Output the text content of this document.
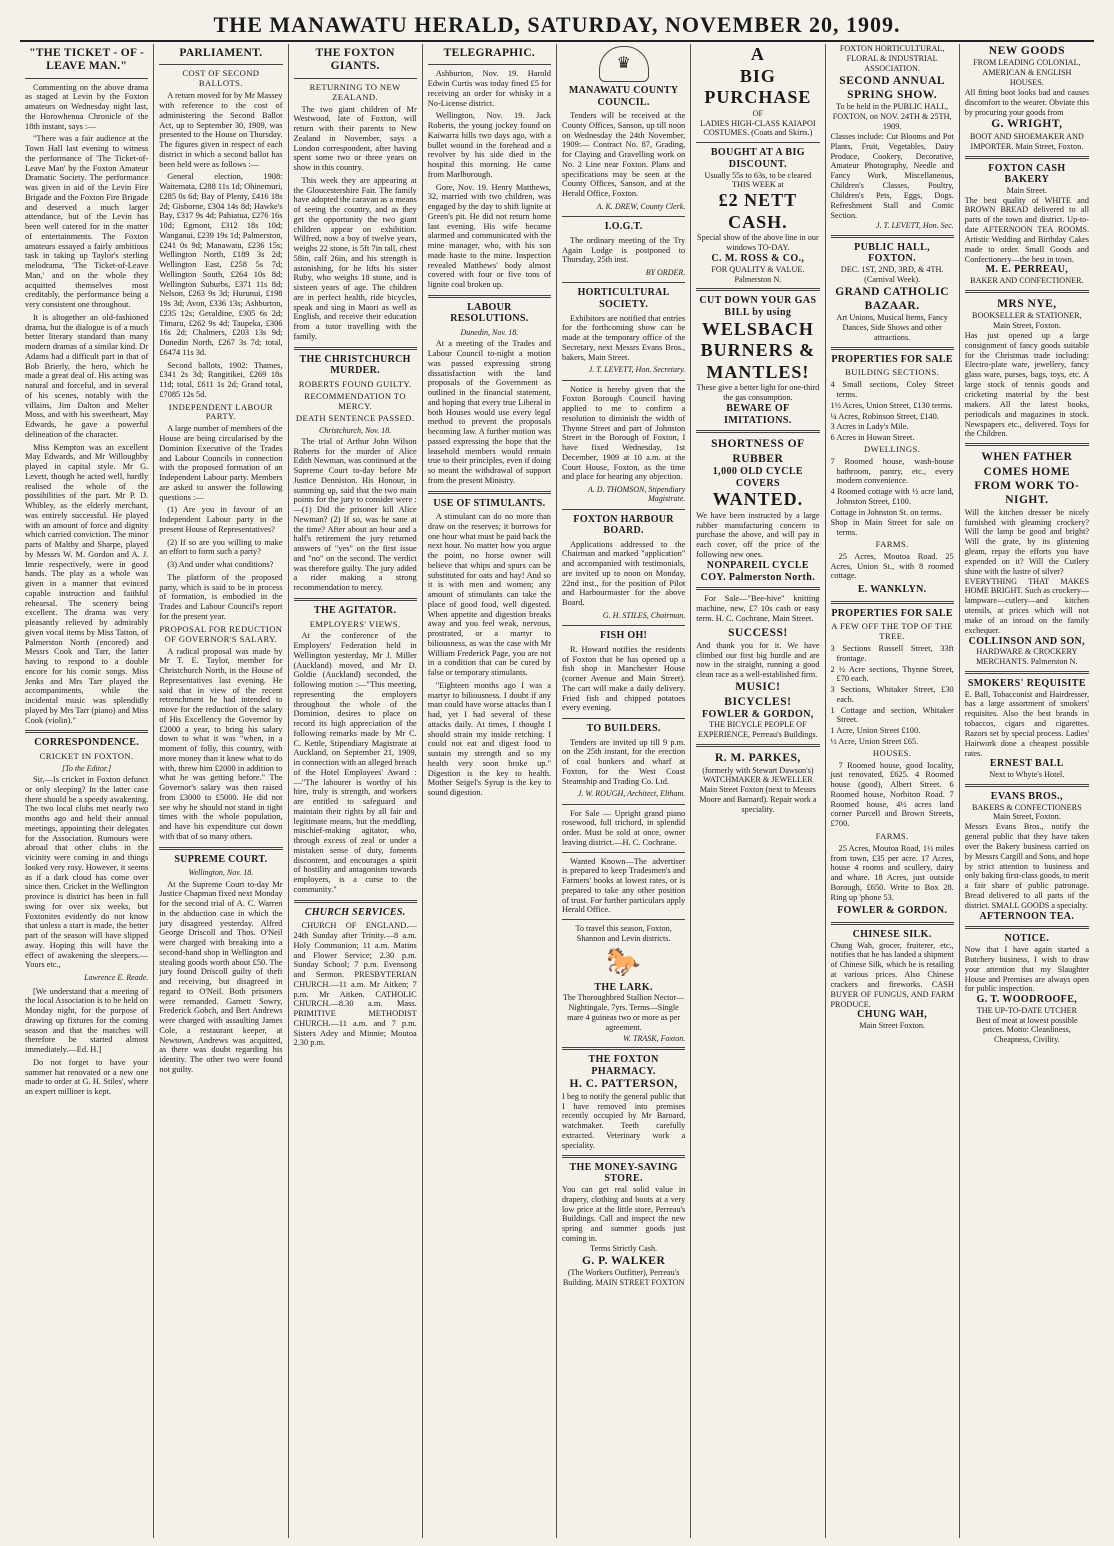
THE MANAWATU HERALD, SATURDAY, NOVEMBER 20, 1909.
"THE TICKET - OF - LEAVE MAN."

Commenting on the above drama as staged at Levin by the Foxton amateurs on Wednesday night last, the Horowhenua Chronicle of the 18th instant, says :—

"There was a fair audience at the Town Hall last evening to witness the performance of 'The Ticket-of-Leave Man' by the Foxton Amateur Dramatic Society. The performance was given in aid of the Levin Fire Brigade and the Foxton Fire Brigade and deserved a much larger attendance, but of the Levin has been well catered for in the matter of entertainments. The Foxton amateurs essayed a fairly ambitious task in taking up Taylor's sterling melodrama, 'The Ticket-of-Leave Man,' and on the whole they acquitted themselves most creditably, the performance being a very consistent one throughout.

It is altogether an old-fashioned drama, but the dialogue is of a much better literary standard than many modern dramas of a similar kind. Dr Adams had a difficult part in that of Bob Brierly, the hero, which he made a great deal of. His acting was natural and forceful, and in several of his scenes, notably with the villains, Jim Dalton and Melter Moss, and with his sweetheart, May Edwards, he gave a powerful delineation of the character.

Miss Kempton was an excellent May Edwards, and Mr Willoughby played in capital style. Mr G. Levett, though he acted well, hardly realised the whole of the possibilities of the part. Mr P. D. Whibley, as the elderly merchant, was entirely successful. He played with an amount of force and dignity which carried conviction. The minor parts of Maltby and Sharpe, played by Messrs W. M. Gordon and A. J. Imrie respectively, were in good hands. The play as a whole was given in a manner that evinced capable instruction and faithful rehearsal. The scenery being excellent. The drama was very pleasantly relieved by admirably given vocal items by Miss Tatton, of Palmerston North (encored) and Messrs Cook and Tarr, the latter having to respond to a double encore for his comic songs. Miss Jenks and Mrs Tarr played the accompaniments, while the incidental music was splendidly played by Mrs Tarr (piano) and Miss Cook (violin)."

CORRESPONDENCE.
CRICKET IN FOXTON.
[To the Editor.]

Sir,—Is cricket in Foxton defunct or only sleeping? In the latter case there should be a speedy awakening. The two local clubs met nearly two months ago and held their annual meetings, appointing their delegates for the Association. Rumours were abroad that other clubs in the vicinity were coming in and things looked very rosy. However, it seems as if a dark cloud has come over since then. Cricket in the Wellington province is district has been in full swing for over six weeks, but Foxtonites evidently do not know that unless a start is made, the better part of the season will have slipped away. Hoping this will have the effect of awakening the sleepers.—Yours etc.,

Lawrence E. Reade.

[We understand that a meeting of the local Association is to be held on Monday night, for the purpose of drawing up fixtures for the coming season and that the matches will therefore be started almost immediately.—Ed. H.]

Do not forget to have your summer hat renovated or a new one made to order at G. H. Stiles', where an expert milliner is kept.

PARLIAMENT.
COST OF SECOND BALLOTS.

A return moved for by Mr Massey with reference to the cost of administering the Second Ballot Act, up to September 30, 1909, was presented to the House on Thursday. The figures given in respect of each district in which a second ballot has been held were as follows :—

General election, 1908: Waitemata, £288 11s 1d; Ohinemuri, £285 0s 6d; Bay of Plenty, £416 18s 2d; Gisborne, £304 14s 8d; Hawke's Bay, £317 9s 4d; Pahiatua, £276 16s 10d; Egmont, £312 18s 10d; Wanganui, £239 19s 1d; Palmerston, £241 0s 9d; Manawatu, £236 15s; Wellington North, £189 3s 2d; Wellington East, £258 5s 7d; Wellington South, £264 10s 8d; Wellington Suburbs, £371 11s 8d; Nelson, £263 9s 3d; Hurunui, £198 19s 3d; Avon, £336 13s; Ashburton, £235 12s; Geraldine, £305 6s 2d; Timaru, £262 9s 4d; Taupeka, £306 16s 2d; Chalmers, £203 13s 9d; Dunedin North, £267 3s 7d; total, £6474 11s 3d.

Second ballots, 1902: Thames, £341 2s 3d; Rangitikei, £269 18s 11d; total, £611 1s 2d; Grand total, £7085 12s 5d.

INDEPENDENT LABOUR PARTY.

A large number of members of the House are being circularised by the Dominion Executive of the Trades and Labour Councils in connection with the proposed formation of an Independent Labour party. Members are asked to answer the following questions :—

(1) Are you in favour of an Independent Labour party in the present House of Representatives?

(2) If so are you willing to make an effort to form such a party?

(3) And under what conditions?

The platform of the proposed party, which is said to be in process of formation, is embodied in the Trades and Labour Council's report for the present year.

PROPOSAL FOR REDUCTION OF GOVERNOR'S SALARY.

A radical proposal was made by Mr T. E. Taylor, member for Christchurch North, in the House of Representatives last evening. He said that in view of the recent retrenchment he had intended to move for the reduction of the salary of His Excellency the Governor by £2000 a year, to bring his salary down to what it was "when, in a moment of folly, this country, with more money than it knew what to do with, threw him £2000 in addition to what he was getting before." The Governor's salary was then raised from £3000 to £5000. He did not see why he should not stand in tight times with the whole population, and have his expenditure cut down with that of so many others.

SUPREME COURT.
Wellington, Nov. 18.

At the Supreme Court to-day Mr Justice Chapman fixed next Monday for the second trial of A. C. Warren in the abduction case in which the jury disagreed yesterday. Alfred George Driscoll and Thos. O'Neil were charged with breaking into a second-hand shop in Wellington and stealing goods worth about £50. The jury found Driscoll guilty of theft and receiving, but disagreed in regard to O'Neil. Both prisoners were remanded. Garnett Sowry, Frederick Gobch, and Bert Andrews were charged with assaulting James Cole, a restaurant keeper, at Newtown, Andrews was acquitted, as there was doubt regarding his identity. The other two were found not guilty.

THE FOXTON GIANTS.
RETURNING TO NEW ZEALAND.

The two giant children of Mr Westwood, late of Foxton, will return with their parents to New Zealand in November, says a London correspondent, after having spent some two or three years on show in this country.

This week they are appearing at the Gloucestershire Fair. The family have adopted the caravan as a means of seeing the country, and as they get the opportunity the two giant children appear on exhibition. Wilfred, now a boy of twelve years, weighs 22 stone, is 5ft 7in tall, chest 58in, calf 26in, and his strength is astonishing, for he lifts his sister Ruby, who weighs 18 stone, and is sixteen years of age. The children are in perfect health, ride bicycles, speak and sing in Maori as well as English, and receive their education from a tutor travelling with the family.

THE CHRISTCHURCH MURDER.
ROBERTS FOUND GUILTY.
RECOMMENDATION TO MERCY.
DEATH SENTENCE PASSED.
Christchurch, Nov. 18.

The trial of Arthur John Wilson Roberts for the murder of Alice Edith Newman, was continued at the Supreme Court to-day before Mr Justice Denniston. His Honour, in summing up, said that the two main points for the jury to consider were :—(1) Did the prisoner kill Alice Newman? (2) If so, was he sane at the time? After about an hour and a half's retirement the jury returned answers of "yes" on the first issue and "no" on the second. The verdict was therefore guilty. The jury added a rider making a strong recommendation to mercy.

THE AGITATOR.
EMPLOYERS' VIEWS.

At the conference of the Employers' Federation held in Wellington yesterday, Mr J. Miller (Auckland) moved, and Mr D. Goldie (Auckland) seconded, the following motion :—"This meeting, representing the employers throughout the whole of the Dominion, desires to place on record its high appreciation of the following remarks made by Mr C. C. Kettle, Stipendiary Magistrate at Auckland, on September 21, 1909, in connection with an alleged breach of the Hotel Employees' Award :—"The labourer is worthy of his hire, truly is strength, and workers are entitled to safeguard and maintain their rights by all fair and legitimate means, but the meddling, mischief-making agitator, who, through excess of zeal or under a mistaken sense of duty, foments discontent, and encourages a spirit of hostility and antagonism towards employers, is a curse to the community."

CHURCH SERVICES.

CHURCH OF ENGLAND.—24th Sunday after Trinity.—8 a.m. Holy Communion; 11 a.m. Matins and Flower Service; 2.30 p.m. Sunday School; 7 p.m. Evensong and Sermon. PRESBYTERIAN CHURCH.—11 a.m. Mr Aitken; 7 p.m. Mr Aitken. CATHOLIC CHURCH.—8.30 a.m. Mass. PRIMITIVE METHODIST CHURCH.—11 a.m. and 7 p.m. Sisters Adey and Minnie; Moutoa 2.30 p.m.

TELEGRAPHIC.

Ashburton, Nov. 19. Harold Edwin Curtis was today fined £5 for receiving an order for whisky in a No-License district.

Wellington, Nov. 19. Jack Roberts, the young jockey found on Kaiwarra hills two days ago, with a bullet wound in the forehead and a revolver by his side died in the hospital this morning. He came from Marlborough.

Gore, Nov. 19. Henry Matthews, 32, married with two children, was engaged by the day to shift lignite at Green's pit. He did not return home last evening. His wife became alarmed and communicated with the mine manager, who, with his son made haste to the mine. Inspection revealed Matthews' body almost covered with four or five tons of lignite coal broken up.

LABOUR RESOLUTIONS.
Dunedin, Nov. 18.

At a meeting of the Trades and Labour Council to-night a motion was passed expressing strong dissatisfaction with the land proposals of the Government as outlined in the financial statement, and hoping that every true Liberal in both Houses would use every legal method to prevent the proposals becoming law. A further motion was passed expressing the hope that the leasehold members would remain true to their principles, even if doing so meant the withdrawal of support from the present Ministry.

USE OF STIMULANTS.

A stimulant can do no more than draw on the reserves; it borrows for one hour what must be paid back the next hour. No matter how you argue the point, no horse owner will believe that whips and spurs can be substituted for oats and hay! And so it is with men and women; any amount of stimulants can take the place of good food, well digested. When appetite and digestion breaks away and you feel weak, nervous, prostrated, or a martyr to biliousness, as was the case with Mr William Frederick Page, you are not in a condition that can be cured by false or temporary stimulants.

"Eighteen months ago I was a martyr to biliousness. I doubt if any man could have worse attacks than I had, yet I had several of these attacks daily. At times, I thought I should strain my inside retching. I could not eat and digest food to sustain my strength and so my health very soon broke up." Digestion is the key to health. Mother Seigel's Syrup is the key to sound digestion.

♛
MANAWATU COUNTY COUNCIL.

Tenders will be received at the County Offices, Sanson, up till noon on Wednesday the 24th November, 1909:— Contract No. 87, Grading, for Claying and Gravelling work on No. 2 Line near Foxton. Plans and specifications may be seen at the County Offices, Sanson, and at the Herald Office, Foxton.

A. K. DREW, County Clerk.
I.O.G.T.

The ordinary meeting of the Try Again Lodge is postponed to Thursday, 25th inst.

BY ORDER.
HORTICULTURAL SOCIETY.

Exhibitors are notified that entries for the forthcoming show can be made at the temporary office of the Secretary, next Messrs Evans Bros., bakers, Main Street.

J. T. LEVETT, Hon. Secretary.

Notice is hereby given that the Foxton Borough Council having applied to me to confirm a resolution to diminish the width of Thynne Street and part of Johnston Street in the Borough of Foxton, I have fixed Wednesday, 1st December, 1909 at 10 a.m. at the Court House, Foxton, as the time and place for hearing any objection.

A. D. THOMSON, Stipendiary Magistrate.
FOXTON HARBOUR BOARD.

Applications addressed to the Chairman and marked "application" and accompanied with testimonials, are invited up to noon on Monday, 22nd inst., for the position of Pilot and Harbourmaster for the above Board.

G. H. STILES, Chairman.
FISH OH!

R. Howard notifies the residents of Foxton that he has opened up a fish shop in Manchester House (corner Avenue and Main Street). The cart will make a daily delivery. Fried fish and chipped potatoes every evening.

TO BUILDERS.

Tenders are invited up till 9 p.m. on the 25th instant, for the erection of coal bunkers and wharf at Foxton, for the West Coast Steamship and Trading Co. Ltd.

J. W. ROUGH, Architect, Eltham.

For Sale — Upright grand piano rosewood, full trichord, in splendid order. Must be sold at once, owner leaving district.—H. C. Cochrane.

Wanted Known—The advertiser is prepared to keep Tradesmen's and Farmers' books at lowest rates, or is prepared to take any other position of trust. For further particulars apply Herald Office.

To travel this season, Foxton, Shannon and Levin districts.
🐎
THE LARK.
The Thoroughbred Stallion Nector—Nightingale, 7yrs. Terms—Single mare 4 guineas two or more as per agreement.
W. TRASK, Foxton.
THE FOXTON PHARMACY.
H. C. PATTERSON,
I beg to notify the general public that I have removed into premises recently occupied by Mr Barnard, watchmaker. Teeth carefully extracted. Veterinary work a speciality.
THE MONEY-SAVING STORE.
You can get real solid value in drapery, clothing and boots at a very low price at the little store, Perreau's Buildings. Call and inspect the new spring and summer goods just coming in.
Terms Strictly Cash.
G. P. WALKER
(The Workers Outfitter), Perreau's Building. MAIN STREET FOXTON
A
BIG
PURCHASE
OF
LADIES HIGH-CLASS KAIAPOI COSTUMES. (Coats and Skirts.)
BOUGHT AT A BIG DISCOUNT.
Usually 55s to 63s, to be cleared THIS WEEK at
£2 NETT CASH.
Special show of the above line in our windows TO-DAY.
C. M. ROSS & CO.,
FOR QUALITY & VALUE. Palmerston N.
CUT DOWN YOUR GAS BILL by using
WELSBACH BURNERS & MANTLES!
These give a better light for one-third the gas consumption.
BEWARE OF IMITATIONS.
SHORTNESS OF RUBBER
1,000 OLD CYCLE COVERS
WANTED.
We have been instructed by a large rubber manufacturing concern to purchase the above, and will pay in each cover, off the price of the following new ones.
NONPAREIL CYCLE COY. Palmerston North.

For Sale—"Bee-hive" knitting machine, new, £7 10s cash or easy term. H. C. Cochrane, Main Street.

SUCCESS!
And thank you for it. We have climbed our first big hurdle and are now in the straight, running a good clean race as a well-established firm.
MUSIC!
BICYCLES!
FOWLER & GORDON,
THE BICYCLE PEOPLE OF EXPERIENCE, Perreau's Buildings.
R. M. PARKES,
(formerly with Stewart Dawson's) WATCHMAKER & JEWELLER Main Street Foxton (next to Messrs Moore and Barnard). Repair work a speciality.
FOXTON HORTICULTURAL, FLORAL & INDUSTRIAL ASSOCIATION.
SECOND ANNUAL SPRING SHOW.
To be held in the PUBLIC HALL, FOXTON, on NOV. 24TH & 25TH, 1909.
Classes include: Cut Blooms and Pot Plants, Fruit, Vegetables, Dairy Produce, Cookery, Decorative, Amateur Photography, Needle and Fancy Work, Miscellaneous, Children's Classes, Poultry, Children's Pets, Eggs, Dogs. Refreshment Stall and Comic Section.
J. T. LEVETT, Hon. Sec.
PUBLIC HALL, FOXTON.
DEC. 1ST, 2ND, 3RD, & 4TH. (Carnival Week).
GRAND CATHOLIC BAZAAR.
Art Unions, Musical Items, Fancy Dances, Side Shows and other attractions.
PROPERTIES FOR SALE
BUILDING SECTIONS.
4 Small sections, Coley Street terms.
1½ Acres, Union Street, £130 terms.
¼ Acres, Robinson Street, £140.
3 Acres in Lady's Mile.
6 Acres in Howan Street.
DWELLINGS.
7 Roomed house, wash-house bathroom, pantry, etc., every modern convenience.
4 Roomed cottage with ½ acre land, Johnston Street, £100.
Cottage in Johnston St. on terms.
Shop in Main Street for sale on terms.
FARMS.

25 Acres, Moutoa Road. 25 Acres, Union St., with 8 roomed cottage.

E. WANKLYN.
PROPERTIES FOR SALE
A FEW OFF THE TOP OF THE TREE.
3 Sections Russell Street, 33ft frontage.
2 ½ Acre sections, Thynne Street, £70 each.
3 Sections, Whitaker Street, £30 each.
1 Cottage and section, Whitaker Street.
1 Acre, Union Street £100.
½ Acre, Union Street £65.
HOUSES.

7 Roomed house, good locality, just renovated, £625. 4 Roomed house (good), Albert Street. 6 Roomed house, Norbiton Road. 7 Roomed house, 4½ acres land corner Purcell and Brown Streets, £700.

FARMS.

25 Acres, Moutoa Road, 1½ miles from town, £35 per acre. 17 Acres, house 4 rooms and scullery, dairy and whare. 18 Acres, just outside Borough, £650. Write to Box 28. Ring up 'phone 53.

FOWLER & GORDON.
CHINESE SILK.
Chung Wah, grocer, fruiterer, etc., notifies that he has landed a shipment of Chinese Silk, which he is retailing at various prices. Also Chinese crackers and fireworks. CASH BUYER OF FUNGUS, AND FARM PRODUCE.
CHUNG WAH,
Main Street Foxton.
NEW GOODS
FROM LEADING COLONIAL, AMERICAN & ENGLISH HOUSES.
All fitting boot looks bad and causes discomfort to the wearer. Obviate this by procuring your goods from
G. WRIGHT,
BOOT AND SHOEMAKER AND IMPORTER. Main Street, Foxton.
FOXTON CASH BAKERY
Main Street.
The best quality of WHITE and BROWN BREAD delivered to all parts of the town and district. Up-to-date AFTERNOON TEA ROOMS. Artistic Wedding and Birthday Cakes made to order. Small Goods and Confectionery—the best in town.
M. E. PERREAU,
BAKER AND CONFECTIONER.
MRS NYE,
BOOKSELLER & STATIONER, Main Street, Foxton.
Has just opened up a large consignment of fancy goods suitable for the Christmas trade including: Electro-plate ware, jewellery, fancy glass ware, purses, bags, toys, etc. A large stock of tennis goods and cricketing material by the best makers. All the latest books, periodicals and magazines in stock. Newspapers etc., delivered. Toys for the Children.
WHEN FATHER COMES HOME FROM WORK TO-NIGHT.
Will the kitchen dresser be nicely furnished with gleaming crockery? Will the lamp be good and bright? Will the grate, by its glistening gleam, repay the efforts you have expended on it? Will the Cutlery shine with the lustre of silver?
EVERYTHING THAT MAKES HOME BRIGHT. Such as crockery—lampware—cutlery—and kitchen utensils, at prices which will not make of an inroad on the family exchequer.
COLLINSON AND SON,
HARDWARE & CROCKERY MERCHANTS. Palmerston N.
SMOKERS' REQUISITE
E. Ball, Tobacconist and Hairdresser, has a large assortment of smokers' requisites. Also the best brands in tobaccos, cigars and cigarettes. Razors set by special process. Ladies' Hairwork done a cheapest possible rates.
ERNEST BALL
Next to Whyte's Hotel.
EVANS BROS.,
BAKERS & CONFECTIONERS Main Street, Foxton.
Messrs Evans Bros., notify the general public that they have taken over the Bakery business carried on by Messrs Cargill and Sons, and hope by strict attention to business and only baking first-class goods, to merit a fair share of public patronage. Bread delivered to all parts of the district. SMALL GOODS a specialty.
AFTERNOON TEA.
NOTICE.
Now that I have again started a Butchery business, I wish to draw your attention that my Slaughter House and Premises are always open for public inspection.
G. T. WOODROOFE,
THE UP-TO-DATE UTCHER
Best of meat at lowest possible prices. Motto: Cleanliness, Cheapness, Civility.
